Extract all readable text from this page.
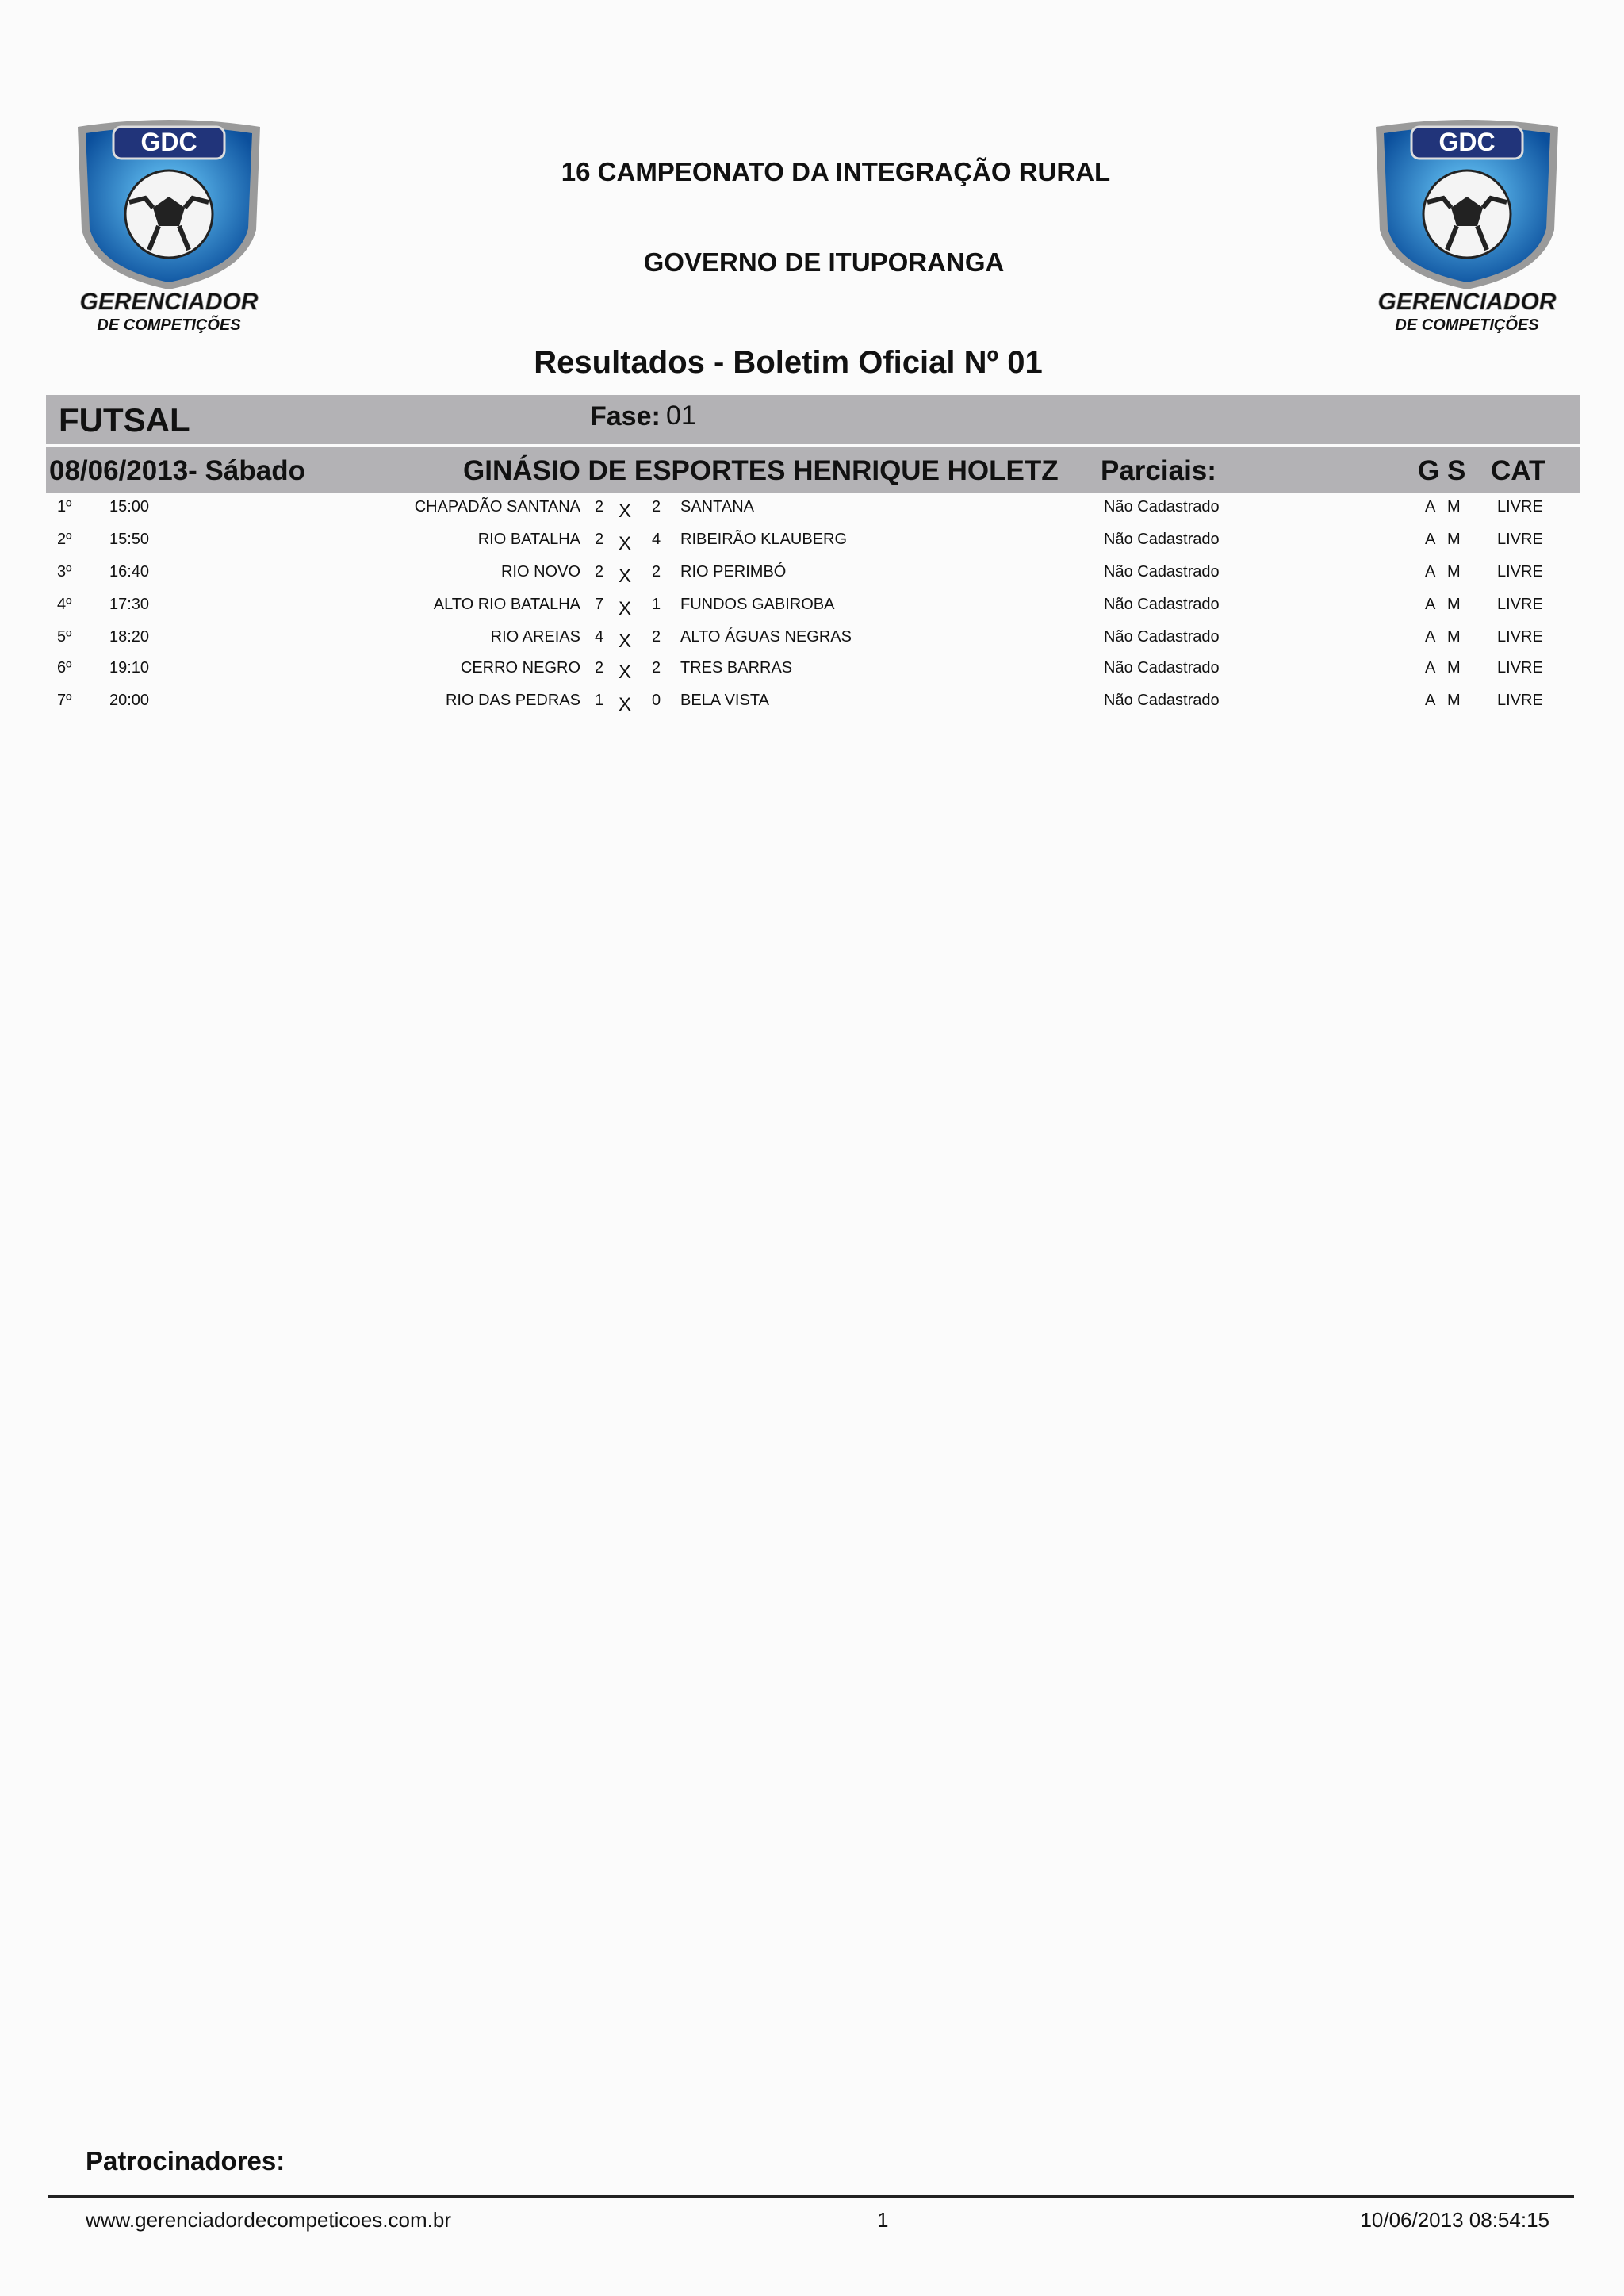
GDC
GERENCIADOR
DE COMPETIÇÕES
GDC
GERENCIADOR
DE COMPETIÇÕES
16 CAMPEONATO DA INTEGRAÇÃO RURAL
GOVERNO DE ITUPORANGA
Resultados - Boletim Oficial Nº 01
FUTSAL	Fase: 01
08/06/2013- Sábado	GINÁSIO DE ESPORTES HENRIQUE HOLETZ Parciais:	G S CAT
1º 15:00	CHAPADÃO SANTANA 2 X 2 SANTANA	Não Cadastrado	A M LIVRE
2º 15:50	RIO BATALHA 2 X 4 RIBEIRÃO KLAUBERG	Não Cadastrado	A M LIVRE
3º 16:40	RIO NOVO 2 X 2 RIO PERIMBÓ	Não Cadastrado	A M LIVRE
4º 17:30	ALTO RIO BATALHA 7 X 1 FUNDOS GABIROBA	Não Cadastrado	A M LIVRE
5º 18:20	RIO AREIAS 4 X 2 ALTO ÁGUAS NEGRAS	Não Cadastrado	A M LIVRE
6º 19:10	CERRO NEGRO 2 X 2 TRES BARRAS	Não Cadastrado	A M LIVRE
7º 20:00	RIO DAS PEDRAS 1 X 0 BELA VISTA	Não Cadastrado	A M LIVRE
Patrocinadores:
www.gerenciadordecompeticoes.com.br	1	10/06/2013 08:54:15
